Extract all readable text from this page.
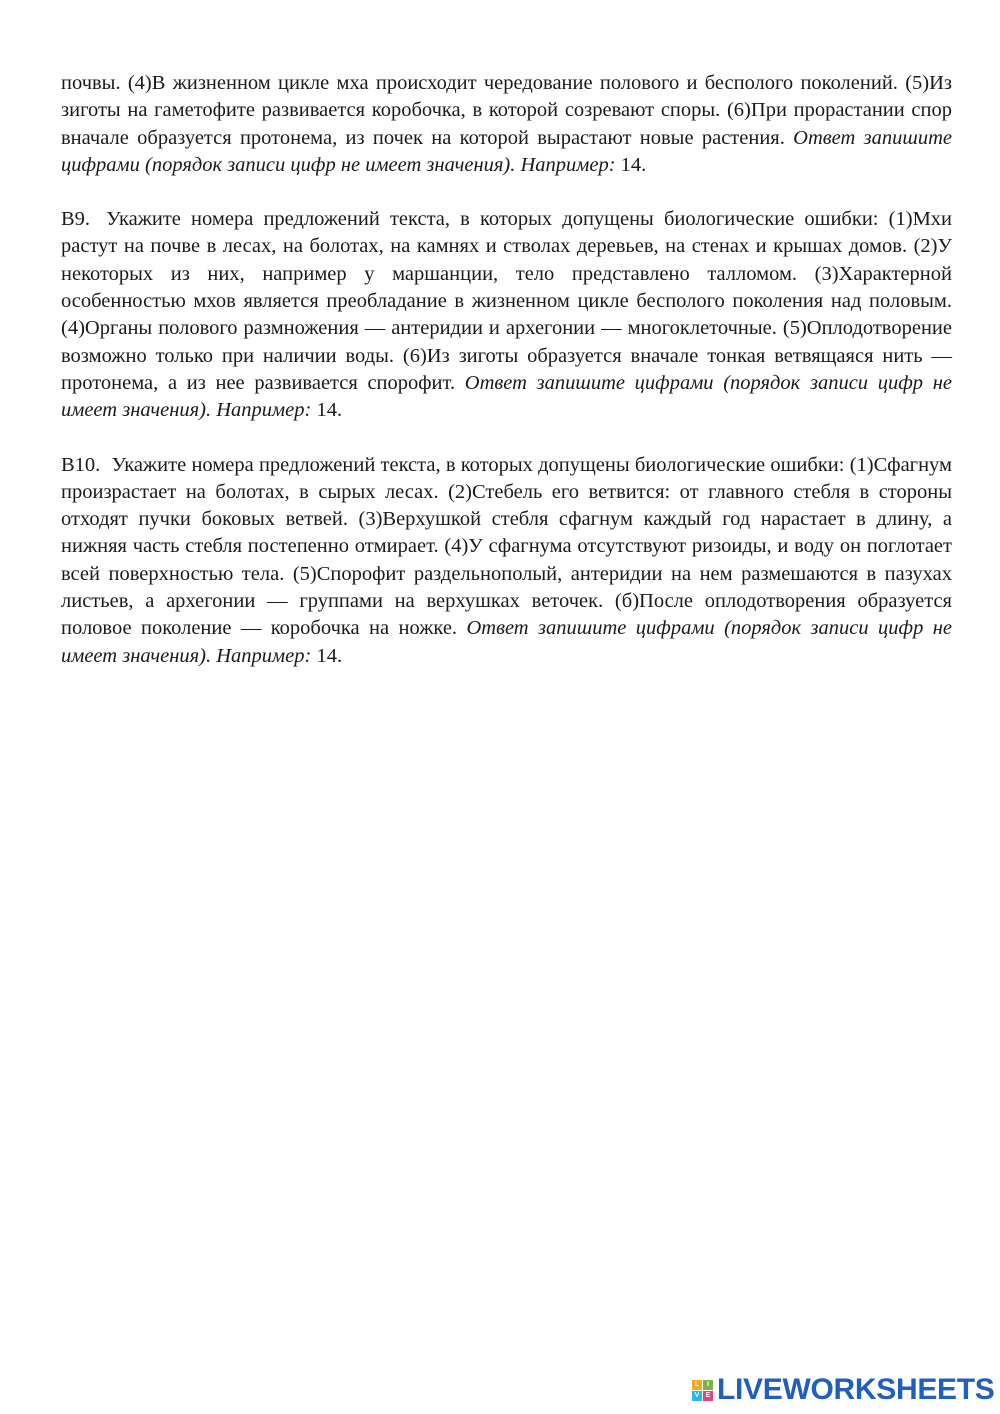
почвы. (4)В жизненном цикле мха происходит чередование полового и бесполого поколений. (5)Из зиготы на гаметофите развивается коробочка, в которой созревают споры. (6)При прорастании спор вначале образуется протонема, из почек на которой вырастают новые растения. Ответ запишите цифрами (порядок записи цифр не имеет значения). Например: 14.

В9. Укажите номера предложений текста, в которых допущены биологические ошибки: (1)Мхи растут на почве в лесах, на болотах, на камнях и стволах деревьев, на стенах и крышах домов. (2)У некоторых из них, например у маршанции, тело представлено талломом. (3)Характерной особенностью мхов является преобладание в жизненном цикле бесполого поколения над половым. (4)Органы полового размножения — антеридии и архегонии — многоклеточные. (5)Оплодотворение возможно только при наличии воды. (6)Из зиготы образуется вначале тонкая ветвящаяся нить — протонема, а из нее развивается спорофит. Ответ запишите цифрами (порядок записи цифр не имеет значения). Например: 14.

В10. Укажите номера предложений текста, в которых допущены биологические ошибки: (1)Сфагнум произрастает на болотах, в сырых лесах. (2)Стебель его ветвится: от главного стебля в стороны отходят пучки боковых ветвей. (3)Верхушкой стебля сфагнум каждый год нарастает в длину, а нижняя часть стебля постепенно отмирает. (4)У сфагнума отсутствуют ризоиды, и воду он поглотает всей поверхностью тела. (5)Спорофит раздельнополый, антеридии на нем размешаются в пазухах листьев, а архегонии — группами на верхушках веточек. (б)После оплодотворения образуется половое поколение — коробочка на ножке. Ответ запишите цифрами (порядок записи цифр не имеет значения). Например: 14.

L	I
V E LIVEWORKSHEETS
